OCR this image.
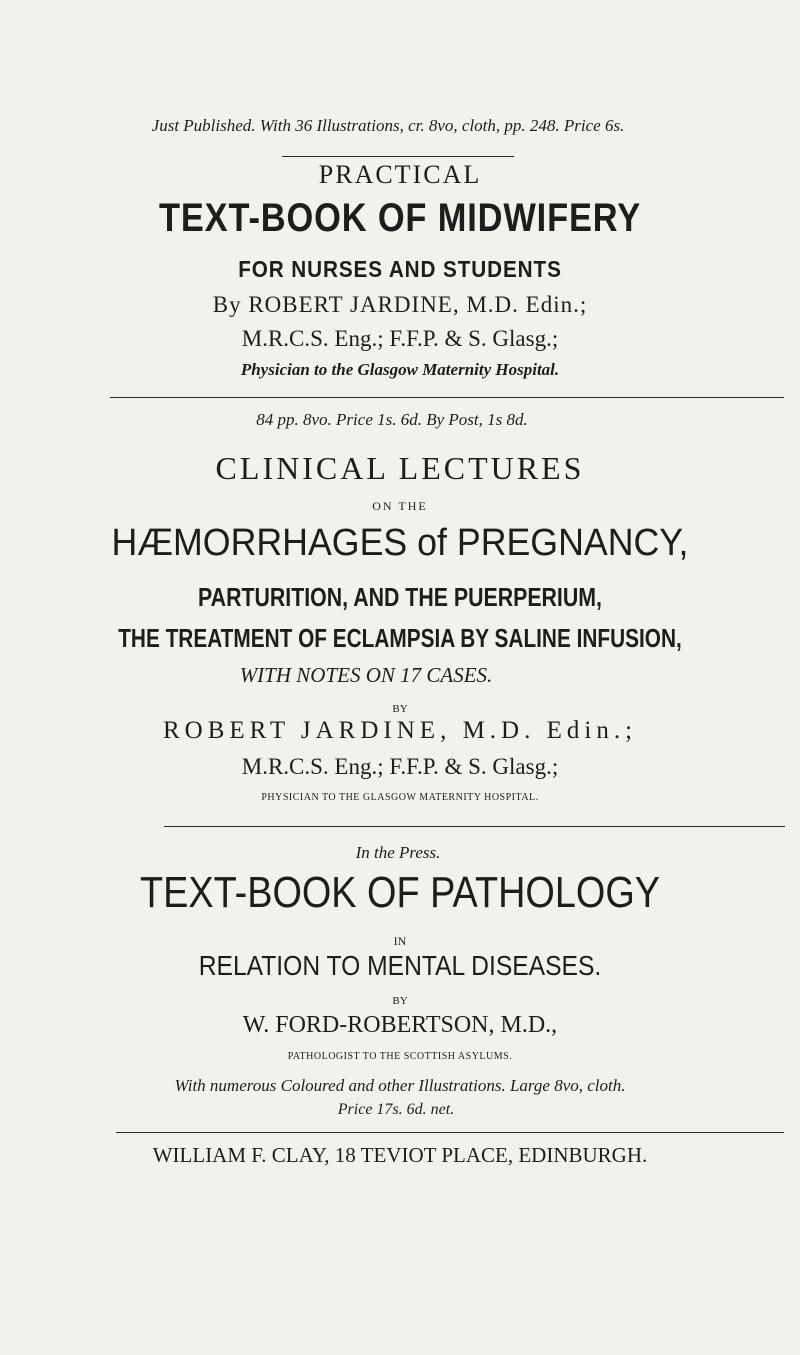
Just Published. With 36 Illustrations, cr. 8vo, cloth, pp. 248. Price 6s.
PRACTICAL
TEXT-BOOK OF MIDWIFERY
FOR NURSES AND STUDENTS
By ROBERT JARDINE, M.D. Edin.;
M.R.C.S. Eng.; F.F.P. & S. Glasg.;
Physician to the Glasgow Maternity Hospital.
84 pp. 8vo. Price 1s. 6d. By Post, 1s 8d.
CLINICAL LECTURES
ON THE
HÆMORRHAGES of PREGNANCY,
PARTURITION, AND THE PUERPERIUM,
THE TREATMENT OF ECLAMPSIA BY SALINE INFUSION,
WITH NOTES ON 17 CASES.
BY
ROBERT JARDINE, M.D. Edin.;
M.R.C.S. Eng.; F.F.P. & S. Glasg.;
PHYSICIAN TO THE GLASGOW MATERNITY HOSPITAL.
In the Press.
TEXT-BOOK OF PATHOLOGY
IN
RELATION TO MENTAL DISEASES.
BY
W. FORD-ROBERTSON, M.D.,
PATHOLOGIST TO THE SCOTTISH ASYLUMS.
With numerous Coloured and other Illustrations. Large 8vo, cloth.
Price 17s. 6d. net.
WILLIAM F. CLAY, 18 TEVIOT PLACE, EDINBURGH.
